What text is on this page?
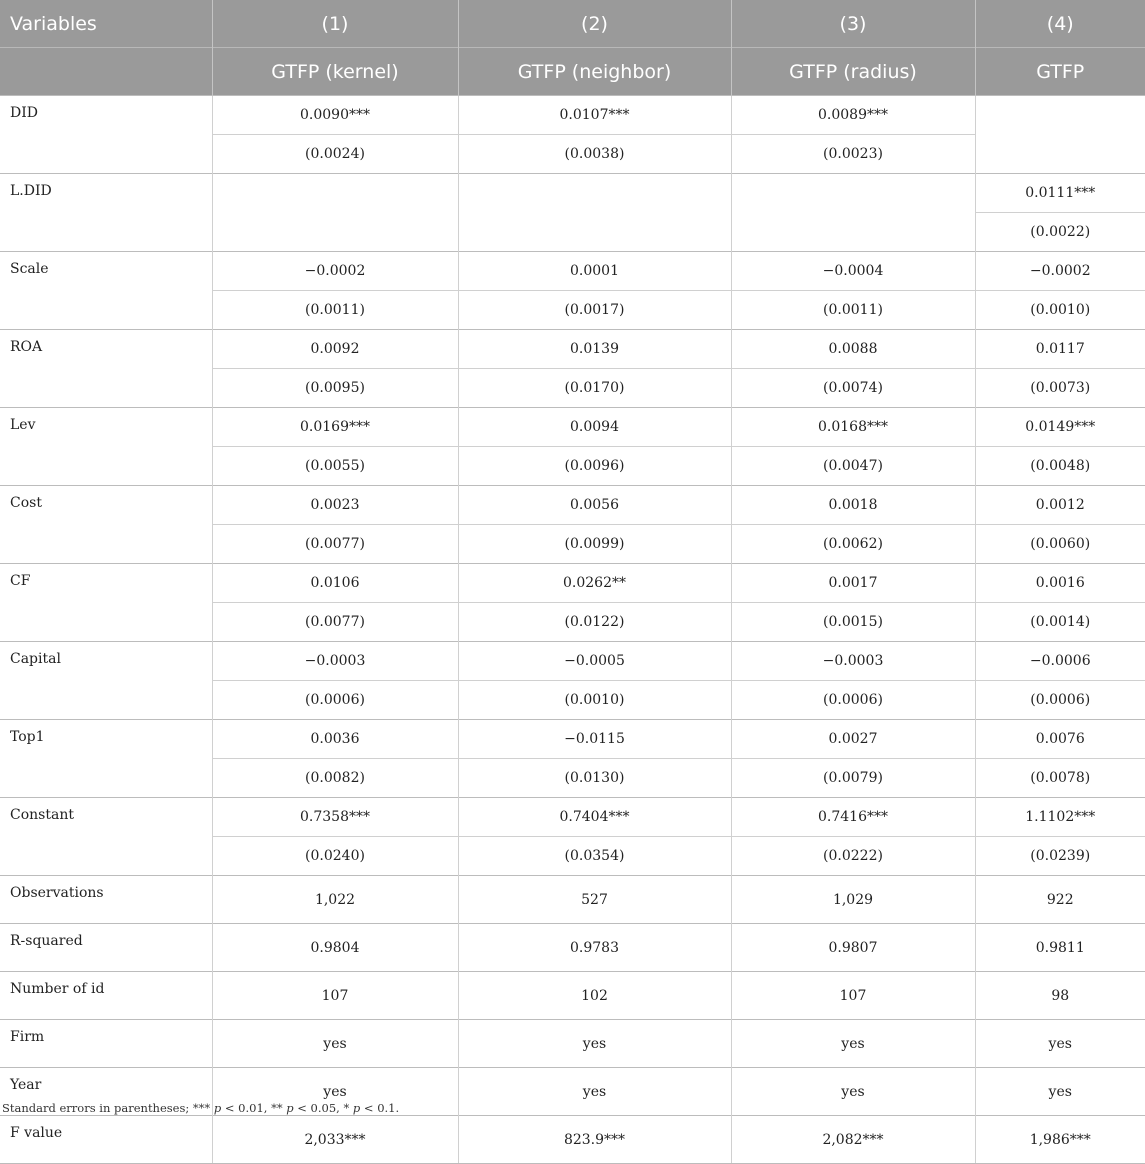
Variables	(1)	(2)	(3)	(4)
	GTFP (kernel)	GTFP (neighbor)	GTFP (radius)	GTFP
DID	0.0090***	0.0107***	0.0089***	
	(0.0024)	(0.0038)	(0.0023)	
L.DID				0.0111***
				(0.0022)
Scale	−0.0002	0.0001	−0.0004	−0.0002
	(0.0011)	(0.0017)	(0.0011)	(0.0010)
ROA	0.0092	0.0139	0.0088	0.0117
	(0.0095)	(0.0170)	(0.0074)	(0.0073)
Lev	0.0169***	0.0094	0.0168***	0.0149***
	(0.0055)	(0.0096)	(0.0047)	(0.0048)
Cost	0.0023	0.0056	0.0018	0.0012
	(0.0077)	(0.0099)	(0.0062)	(0.0060)
CF	0.0106	0.0262**	0.0017	0.0016
	(0.0077)	(0.0122)	(0.0015)	(0.0014)
Capital	−0.0003	−0.0005	−0.0003	−0.0006
	(0.0006)	(0.0010)	(0.0006)	(0.0006)
Top1	0.0036	−0.0115	0.0027	0.0076
	(0.0082)	(0.0130)	(0.0079)	(0.0078)
Constant	0.7358***	0.7404***	0.7416***	1.1102***
	(0.0240)	(0.0354)	(0.0222)	(0.0239)
Observations	1,022	527	1,029	922
R-squared	0.9804	0.9783	0.9807	0.9811
Number of id	107	102	107	98
Firm	yes	yes	yes	yes
Year	yes	yes	yes	yes
F value	2,033***	823.9***	2,082***	1,986***
Standard errors in parentheses; *** p < 0.01, ** p < 0.05, * p < 0.1.
